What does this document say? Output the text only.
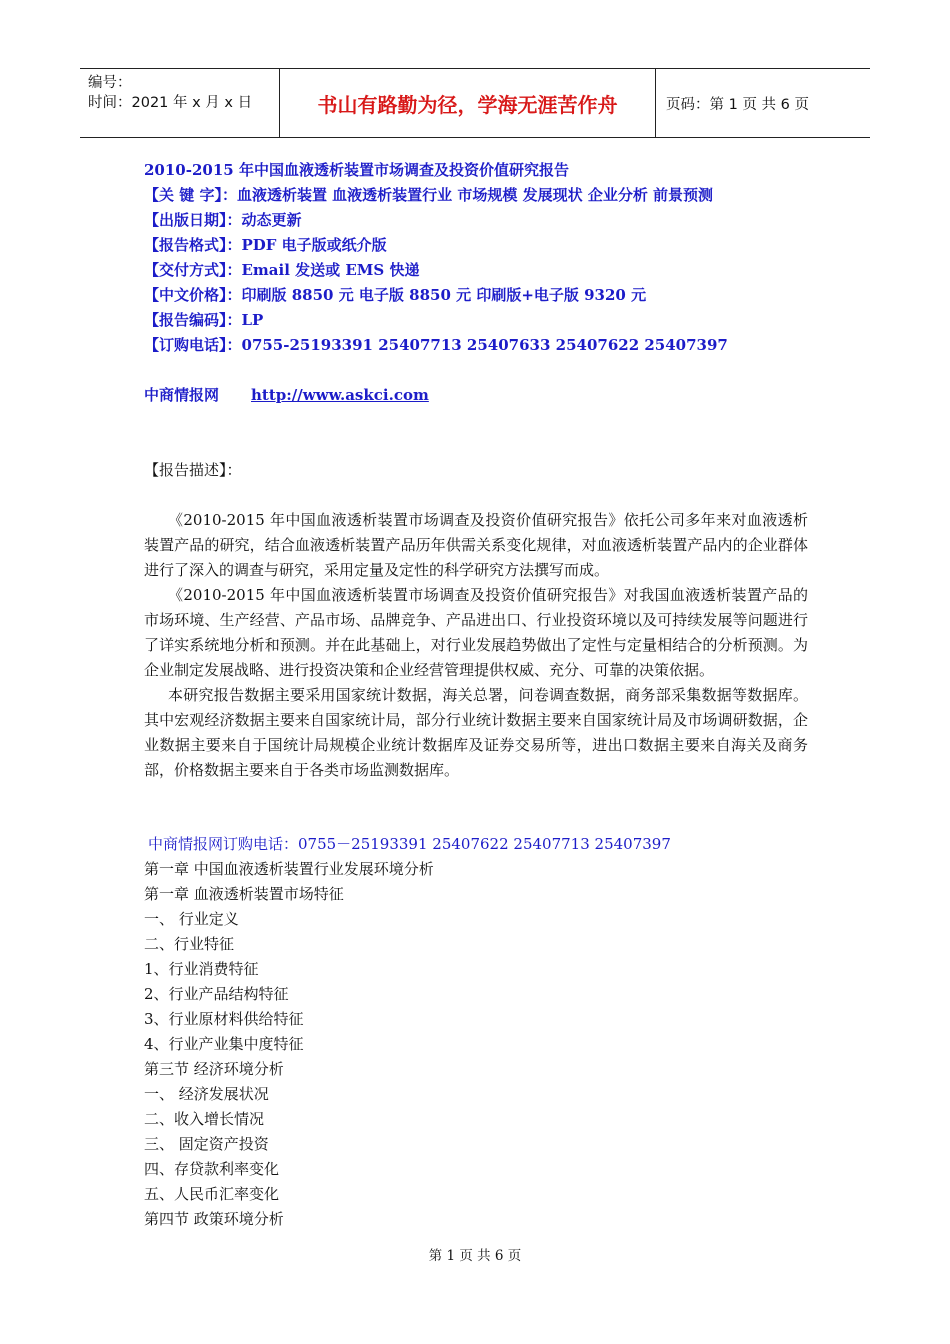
编号：
时间：2021 年 x 月 x 日	书山有路勤为径，学海无涯苦作舟	页码：第 1 页 共 6 页
2010-2015 年中国血液透析装置市场调查及投资价值研究报告
【关 键 字】：血液透析装置 血液透析装置行业 市场规模 发展现状 企业分析 前景预测
【出版日期】：动态更新
【报告格式】：PDF 电子版或纸介版
【交付方式】：Email 发送或 EMS 快递
【中文价格】：印刷版 8850 元 电子版 8850 元 印刷版+电子版 9320 元
【报告编码】：LP
【订购电话】：0755-25193391 25407713 25407633 25407622 25407397
中商情报网 http://www.askci.com
【报告描述】：

《2010-2015 年中国血液透析装置市场调查及投资价值研究报告》依托公司多年来对血液透析装置产品的研究，结合血液透析装置产品历年供需关系变化规律，对血液透析装置产品内的企业群体进行了深入的调查与研究，采用定量及定性的科学研究方法撰写而成。

《2010-2015 年中国血液透析装置市场调查及投资价值研究报告》对我国血液透析装置产品的市场环境、生产经营、产品市场、品牌竞争、产品进出口、行业投资环境以及可持续发展等问题进行了详实系统地分析和预测。并在此基础上，对行业发展趋势做出了定性与定量相结合的分析预测。为企业制定发展战略、进行投资决策和企业经营管理提供权威、充分、可靠的决策依据。

本研究报告数据主要采用国家统计数据，海关总署，问卷调查数据，商务部采集数据等数据库。其中宏观经济数据主要来自国家统计局，部分行业统计数据主要来自国家统计局及市场调研数据，企业数据主要来自于国统计局规模企业统计数据库及证券交易所等，进出口数据主要来自海关及商务部，价格数据主要来自于各类市场监测数据库。

中商情报网订购电话：0755－25193391 25407622 25407713 25407397
第一章 中国血液透析装置行业发展环境分析
第一章 血液透析装置市场特征
一、 行业定义
二、行业特征
1、行业消费特征
2、行业产品结构特征
3、行业原材料供给特征
4、行业产业集中度特征
第三节 经济环境分析
一、 经济发展状况
二、收入增长情况
三、 固定资产投资
四、存贷款利率变化
五、人民币汇率变化
第四节 政策环境分析
第 1 页 共 6 页
